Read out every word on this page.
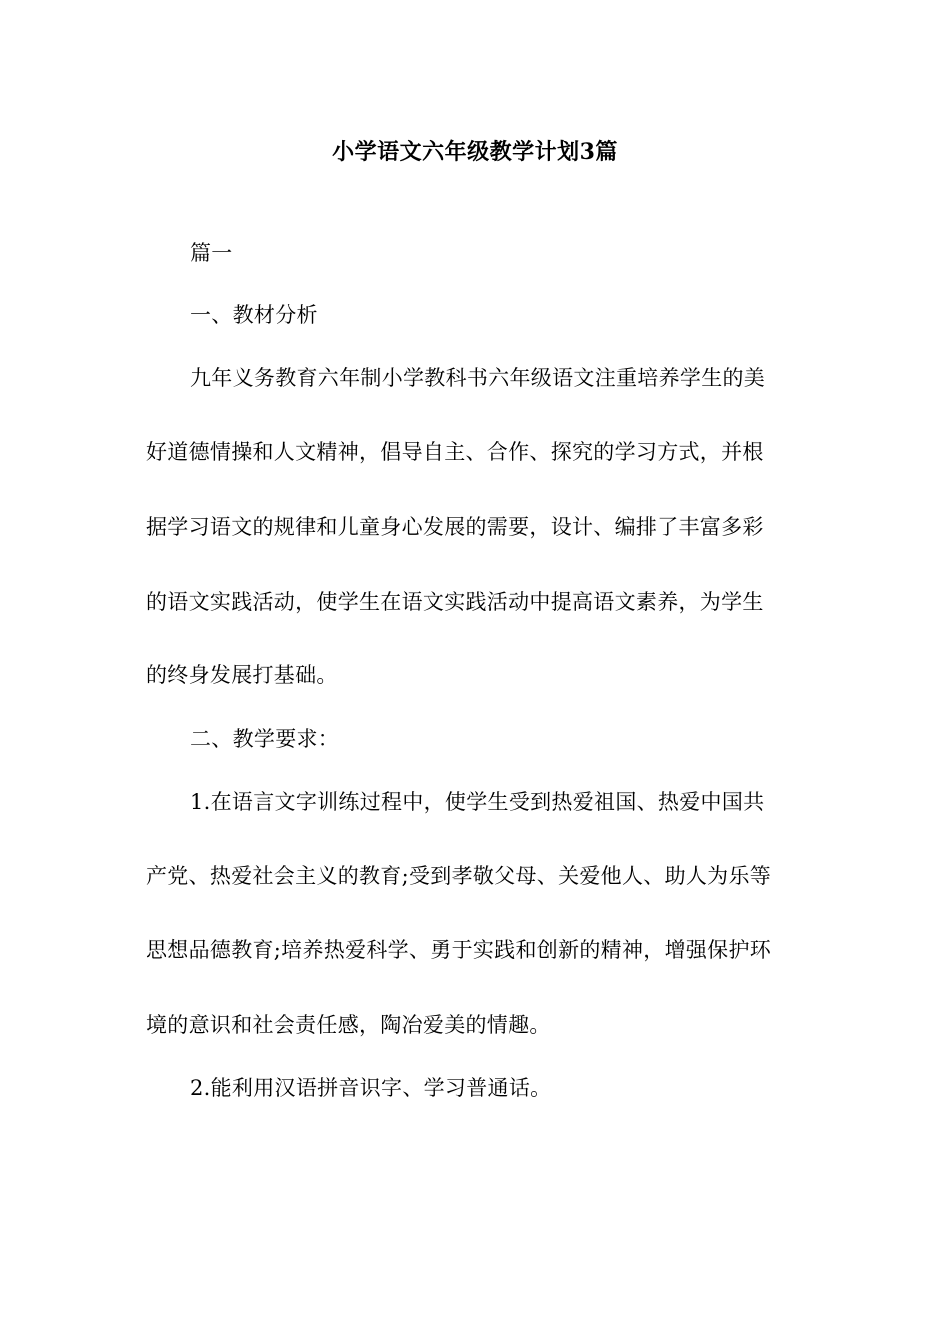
小学语文六年级教学计划3篇
篇一
一、教材分析
九年义务教育六年制小学教科书六年级语文注重培养学生的美
好道德情操和人文精神，倡导自主、合作、探究的学习方式，并根
据学习语文的规律和儿童身心发展的需要，设计、编排了丰富多彩
的语文实践活动，使学生在语文实践活动中提高语文素养，为学生
的终身发展打基础。
二、教学要求：
1.在语言文字训练过程中，使学生受到热爱祖国、热爱中国共
产党、热爱社会主义的教育;受到孝敬父母、关爱他人、助人为乐等
思想品德教育;培养热爱科学、勇于实践和创新的精神，增强保护环
境的意识和社会责任感，陶冶爱美的情趣。
2.能利用汉语拼音识字、学习普通话。
